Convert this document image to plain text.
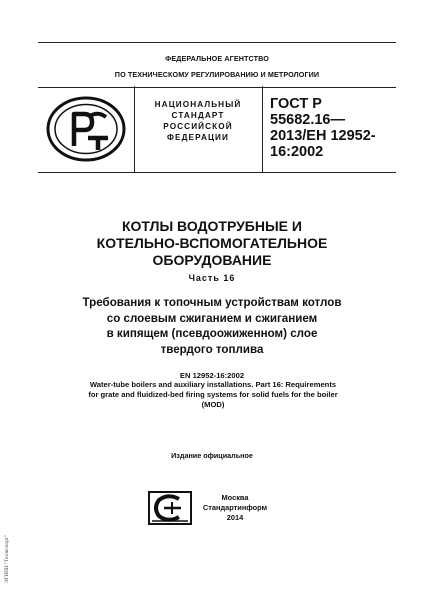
ФЕДЕРАЛЬНОЕ АГЕНТСТВО
ПО ТЕХНИЧЕСКОМУ РЕГУЛИРОВАНИЮ И МЕТРОЛОГИИ
НАЦИОНАЛЬНЫЙ
СТАНДАРТ
РОССИЙСКОЙ
ФЕДЕРАЦИИ
ГОСТ Р
55682.16—
2013/EH 12952-
16:2002
КОТЛЫ ВОДОТРУБНЫЕ И
КОТЕЛЬНО-ВСПОМОГАТЕЛЬНОЕ
ОБОРУДОВАНИЕ
Часть 16
Требования к топочным устройствам котлов
со слоевым сжиганием и сжиганием
в кипящем (псевдоожиженном) слое
твердого топлива
EN 12952-16:2002
Water-tube boilers and auxiliary installations. Part 16: Requirements
for grate and fluidized-bed firing systems for solid fuels for the boiler
(MOD)
Издание официальное
Москва
Стандартинформ
2014
ЭГНПН "Техэкспорт"
